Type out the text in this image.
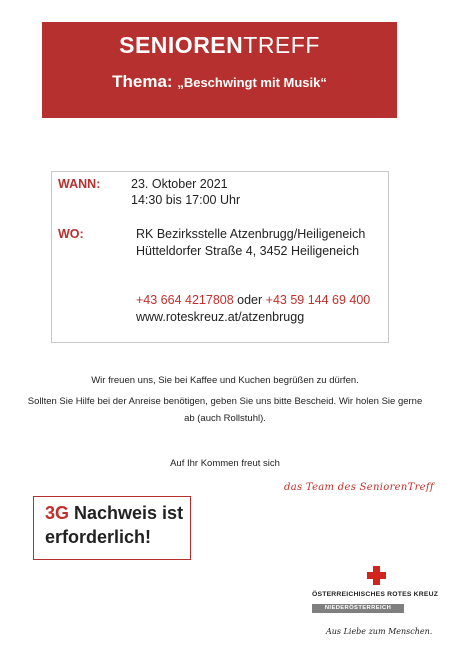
SENIORENTREFF
Thema: „Beschwingt mit Musik“
WANN: 23. Oktober 2021
14:30 bis 17:00 Uhr
WO:	RK Bezirksstelle Atzenbrugg/Heiligeneich
Hütteldorfer Straße 4, 3452 Heiligeneich
+43 664 4217808 oder +43 59 144 69 400
www.roteskreuz.at/atzenbrugg
Wir freuen uns, Sie bei Kaffee und Kuchen begrüßen zu dürfen.
Sollten Sie Hilfe bei der Anreise benötigen, geben Sie uns bitte Bescheid. Wir holen Sie gerne
ab (auch Rollstuhl).
Auf Ihr Kommen freut sich
das Team des SeniorenTreff
3G Nachweis ist
erforderlich!
ÖSTERREICHISCHES ROTES KREUZ
NIEDERÖSTERREICH
Aus Liebe zum Menschen.
